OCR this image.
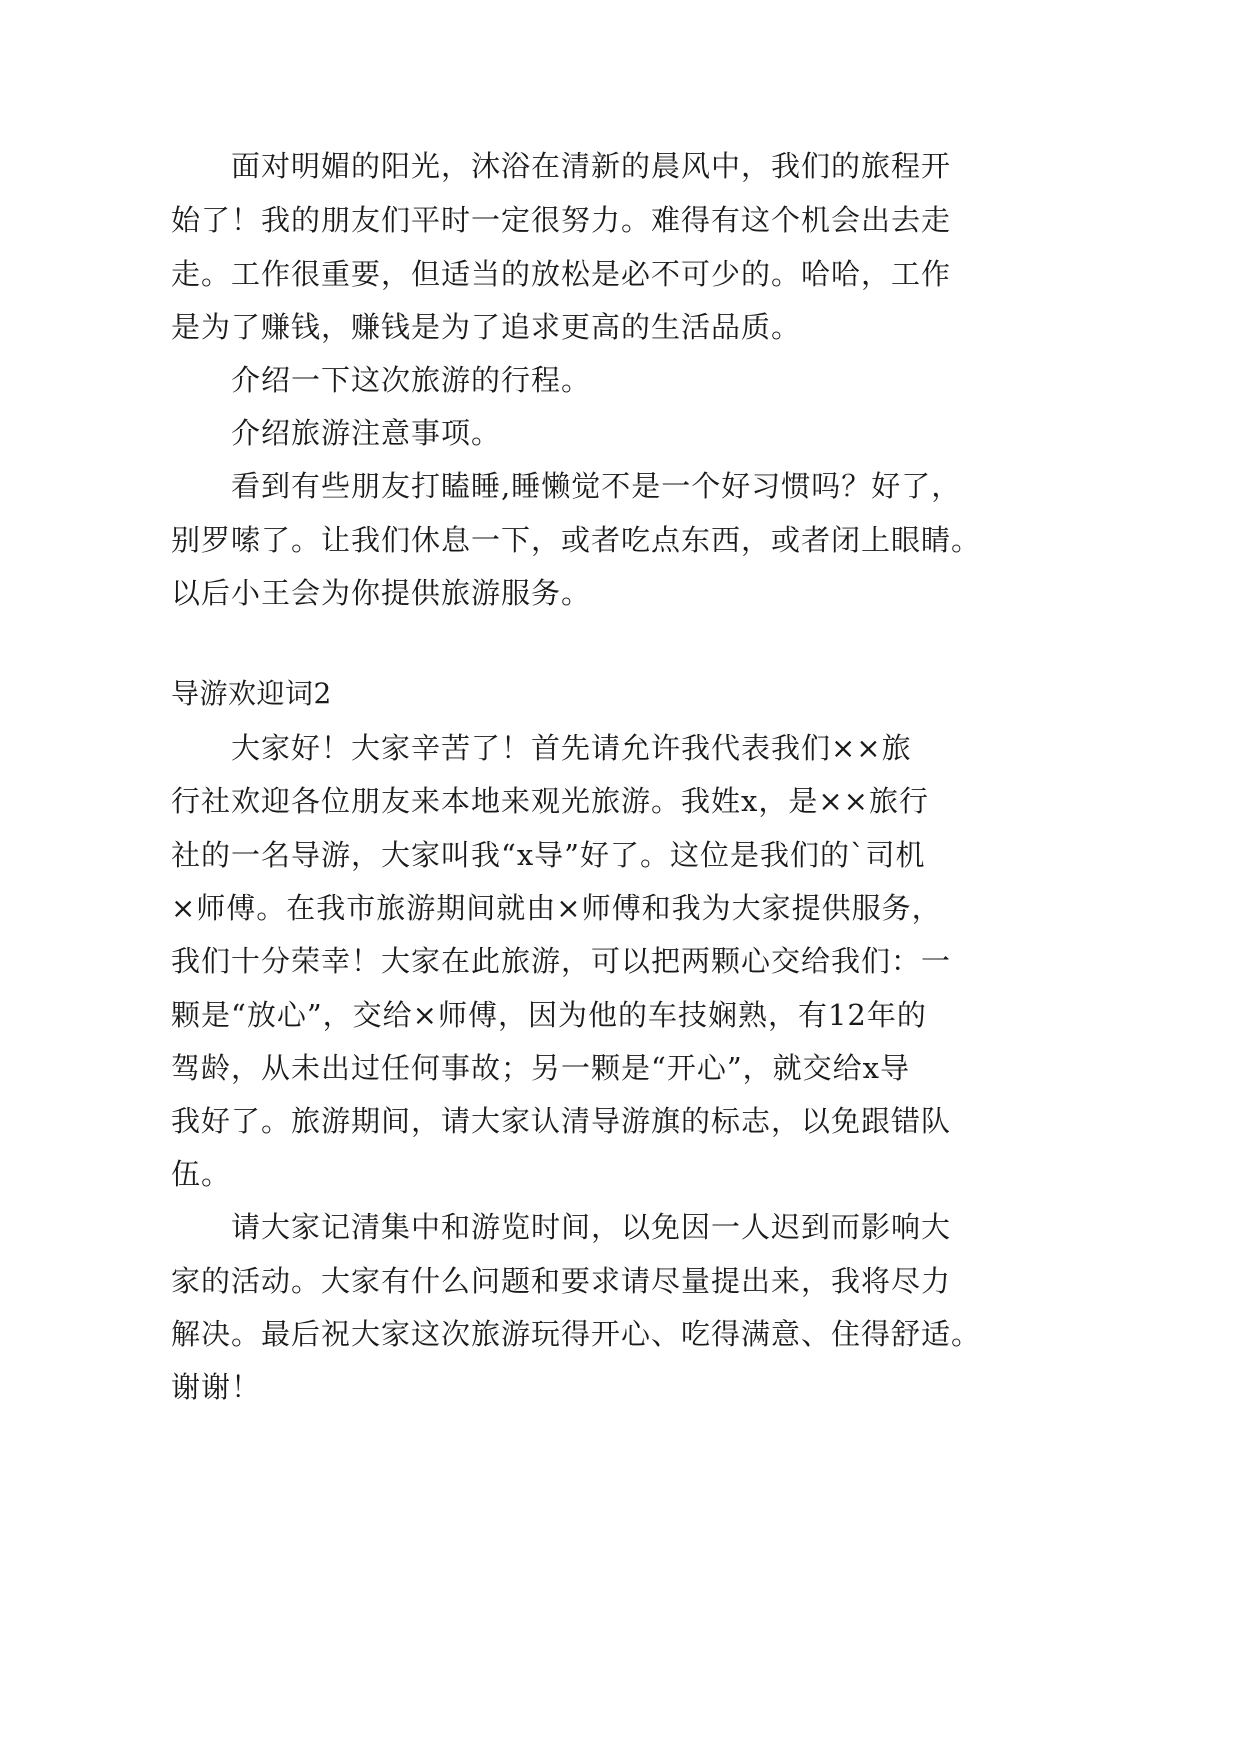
面对明媚的阳光，沐浴在清新的晨风中，我们的旅程开
始了！我的朋友们平时一定很努力。难得有这个机会出去走
走。工作很重要，但适当的放松是必不可少的。哈哈，工作
是为了赚钱，赚钱是为了追求更高的生活品质。
介绍一下这次旅游的行程。
介绍旅游注意事项。
看到有些朋友打瞌睡,睡懒觉不是一个好习惯吗？好了，
别罗嗦了。让我们休息一下，或者吃点东西，或者闭上眼睛。
以后小王会为你提供旅游服务。
导游欢迎词2
大家好！大家辛苦了！首先请允许我代表我们××旅
行社欢迎各位朋友来本地来观光旅游。我姓x，是××旅行
社的一名导游，大家叫我“x导”好了。这位是我们的`司机
×师傅。在我市旅游期间就由×师傅和我为大家提供服务，
我们十分荣幸！大家在此旅游，可以把两颗心交给我们：一
颗是“放心”，交给×师傅，因为他的车技娴熟，有12年的
驾龄，从未出过任何事故；另一颗是“开心”，就交给x导
我好了。旅游期间，请大家认清导游旗的标志，以免跟错队
伍。
请大家记清集中和游览时间，以免因一人迟到而影响大
家的活动。大家有什么问题和要求请尽量提出来，我将尽力
解决。最后祝大家这次旅游玩得开心、吃得满意、住得舒适。
谢谢！
